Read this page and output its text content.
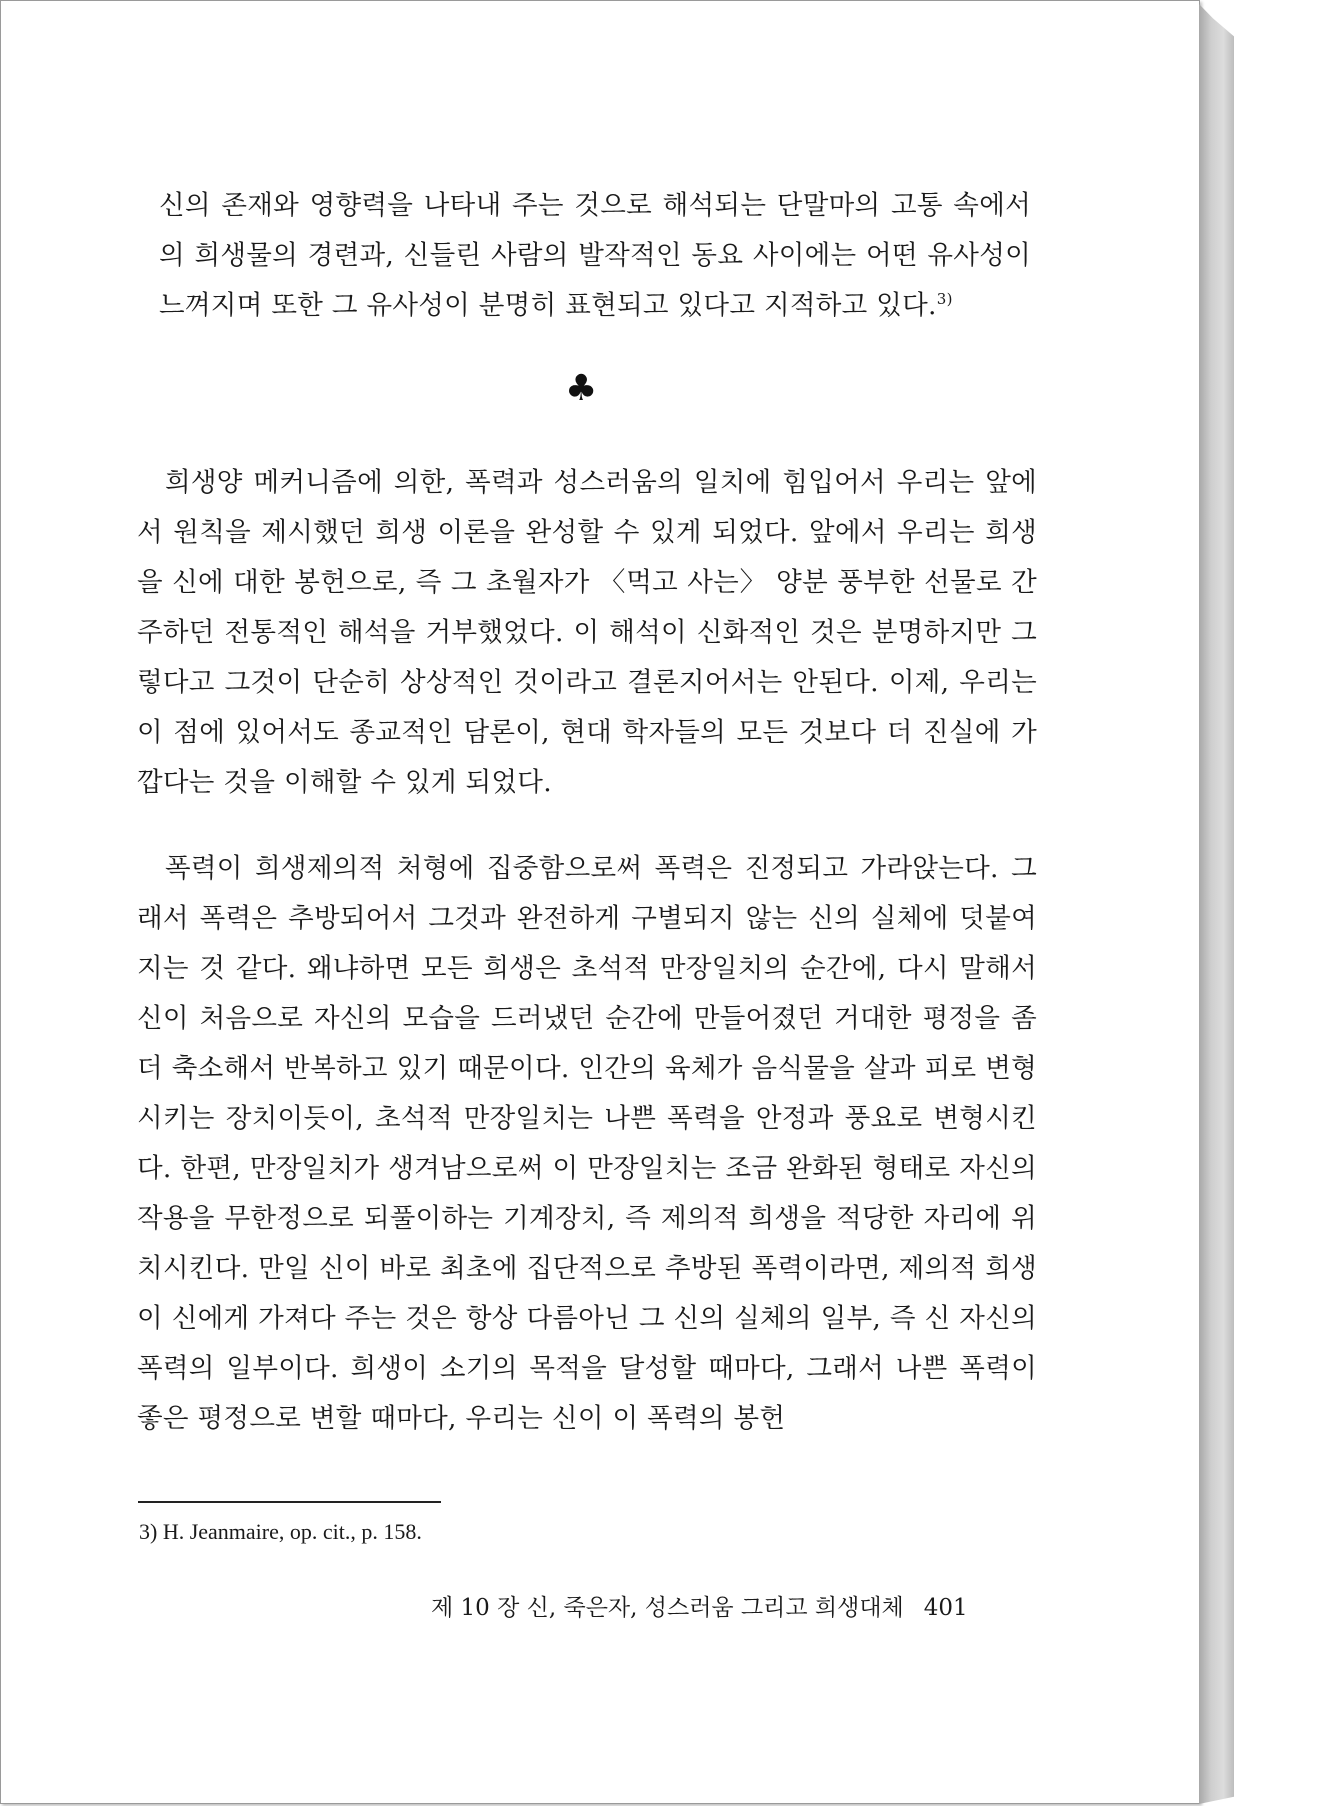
신의 존재와 영향력을 나타내 주는 것으로 해석되는 단말마의 고통 속에서의 희생물의 경련과, 신들린 사람의 발작적인 동요 사이에는 어떤 유사성이 느껴지며 또한 그 유사성이 분명히 표현되고 있다고 지적하고 있다.$^{3)}$
♣
희생양 메커니즘에 의한, 폭력과 성스러움의 일치에 힘입어서 우리는 앞에서 원칙을 제시했던 희생 이론을 완성할 수 있게 되었다. 앞에서 우리는 희생을 신에 대한 봉헌으로, 즉 그 초월자가 〈먹고 사는〉 양분 풍부한 선물로 간주하던 전통적인 해석을 거부했었다. 이 해석이 신화적인 것은 분명하지만 그렇다고 그것이 단순히 상상적인 것이라고 결론지어서는 안된다. 이제, 우리는 이 점에 있어서도 종교적인 담론이, 현대 학자들의 모든 것보다 더 진실에 가깝다는 것을 이해할 수 있게 되었다.
폭력이 희생제의적 처형에 집중함으로써 폭력은 진정되고 가라앉는다. 그래서 폭력은 추방되어서 그것과 완전하게 구별되지 않는 신의 실체에 덧붙여지는 것 같다. 왜냐하면 모든 희생은 초석적 만장일치의 순간에, 다시 말해서 신이 처음으로 자신의 모습을 드러냈던 순간에 만들어졌던 거대한 평정을 좀더 축소해서 반복하고 있기 때문이다. 인간의 육체가 음식물을 살과 피로 변형시키는 장치이듯이, 초석적 만장일치는 나쁜 폭력을 안정과 풍요로 변형시킨다. 한편, 만장일치가 생겨남으로써 이 만장일치는 조금 완화된 형태로 자신의 작용을 무한정으로 되풀이하는 기계장치, 즉 제의적 희생을 적당한 자리에 위치시킨다. 만일 신이 바로 최초에 집단적으로 추방된 폭력이라면, 제의적 희생이 신에게 가져다 주는 것은 항상 다름아닌 그 신의 실체의 일부, 즉 신 자신의 폭력의 일부이다. 희생이 소기의 목적을 달성할 때마다, 그래서 나쁜 폭력이 좋은 평정으로 변할 때마다, 우리는 신이 이 폭력의 봉헌
3) H. Jeanmaire, op. cit., p. 158.
제 10 장 신, 죽은자, 성스러움 그리고 희생대체 401
